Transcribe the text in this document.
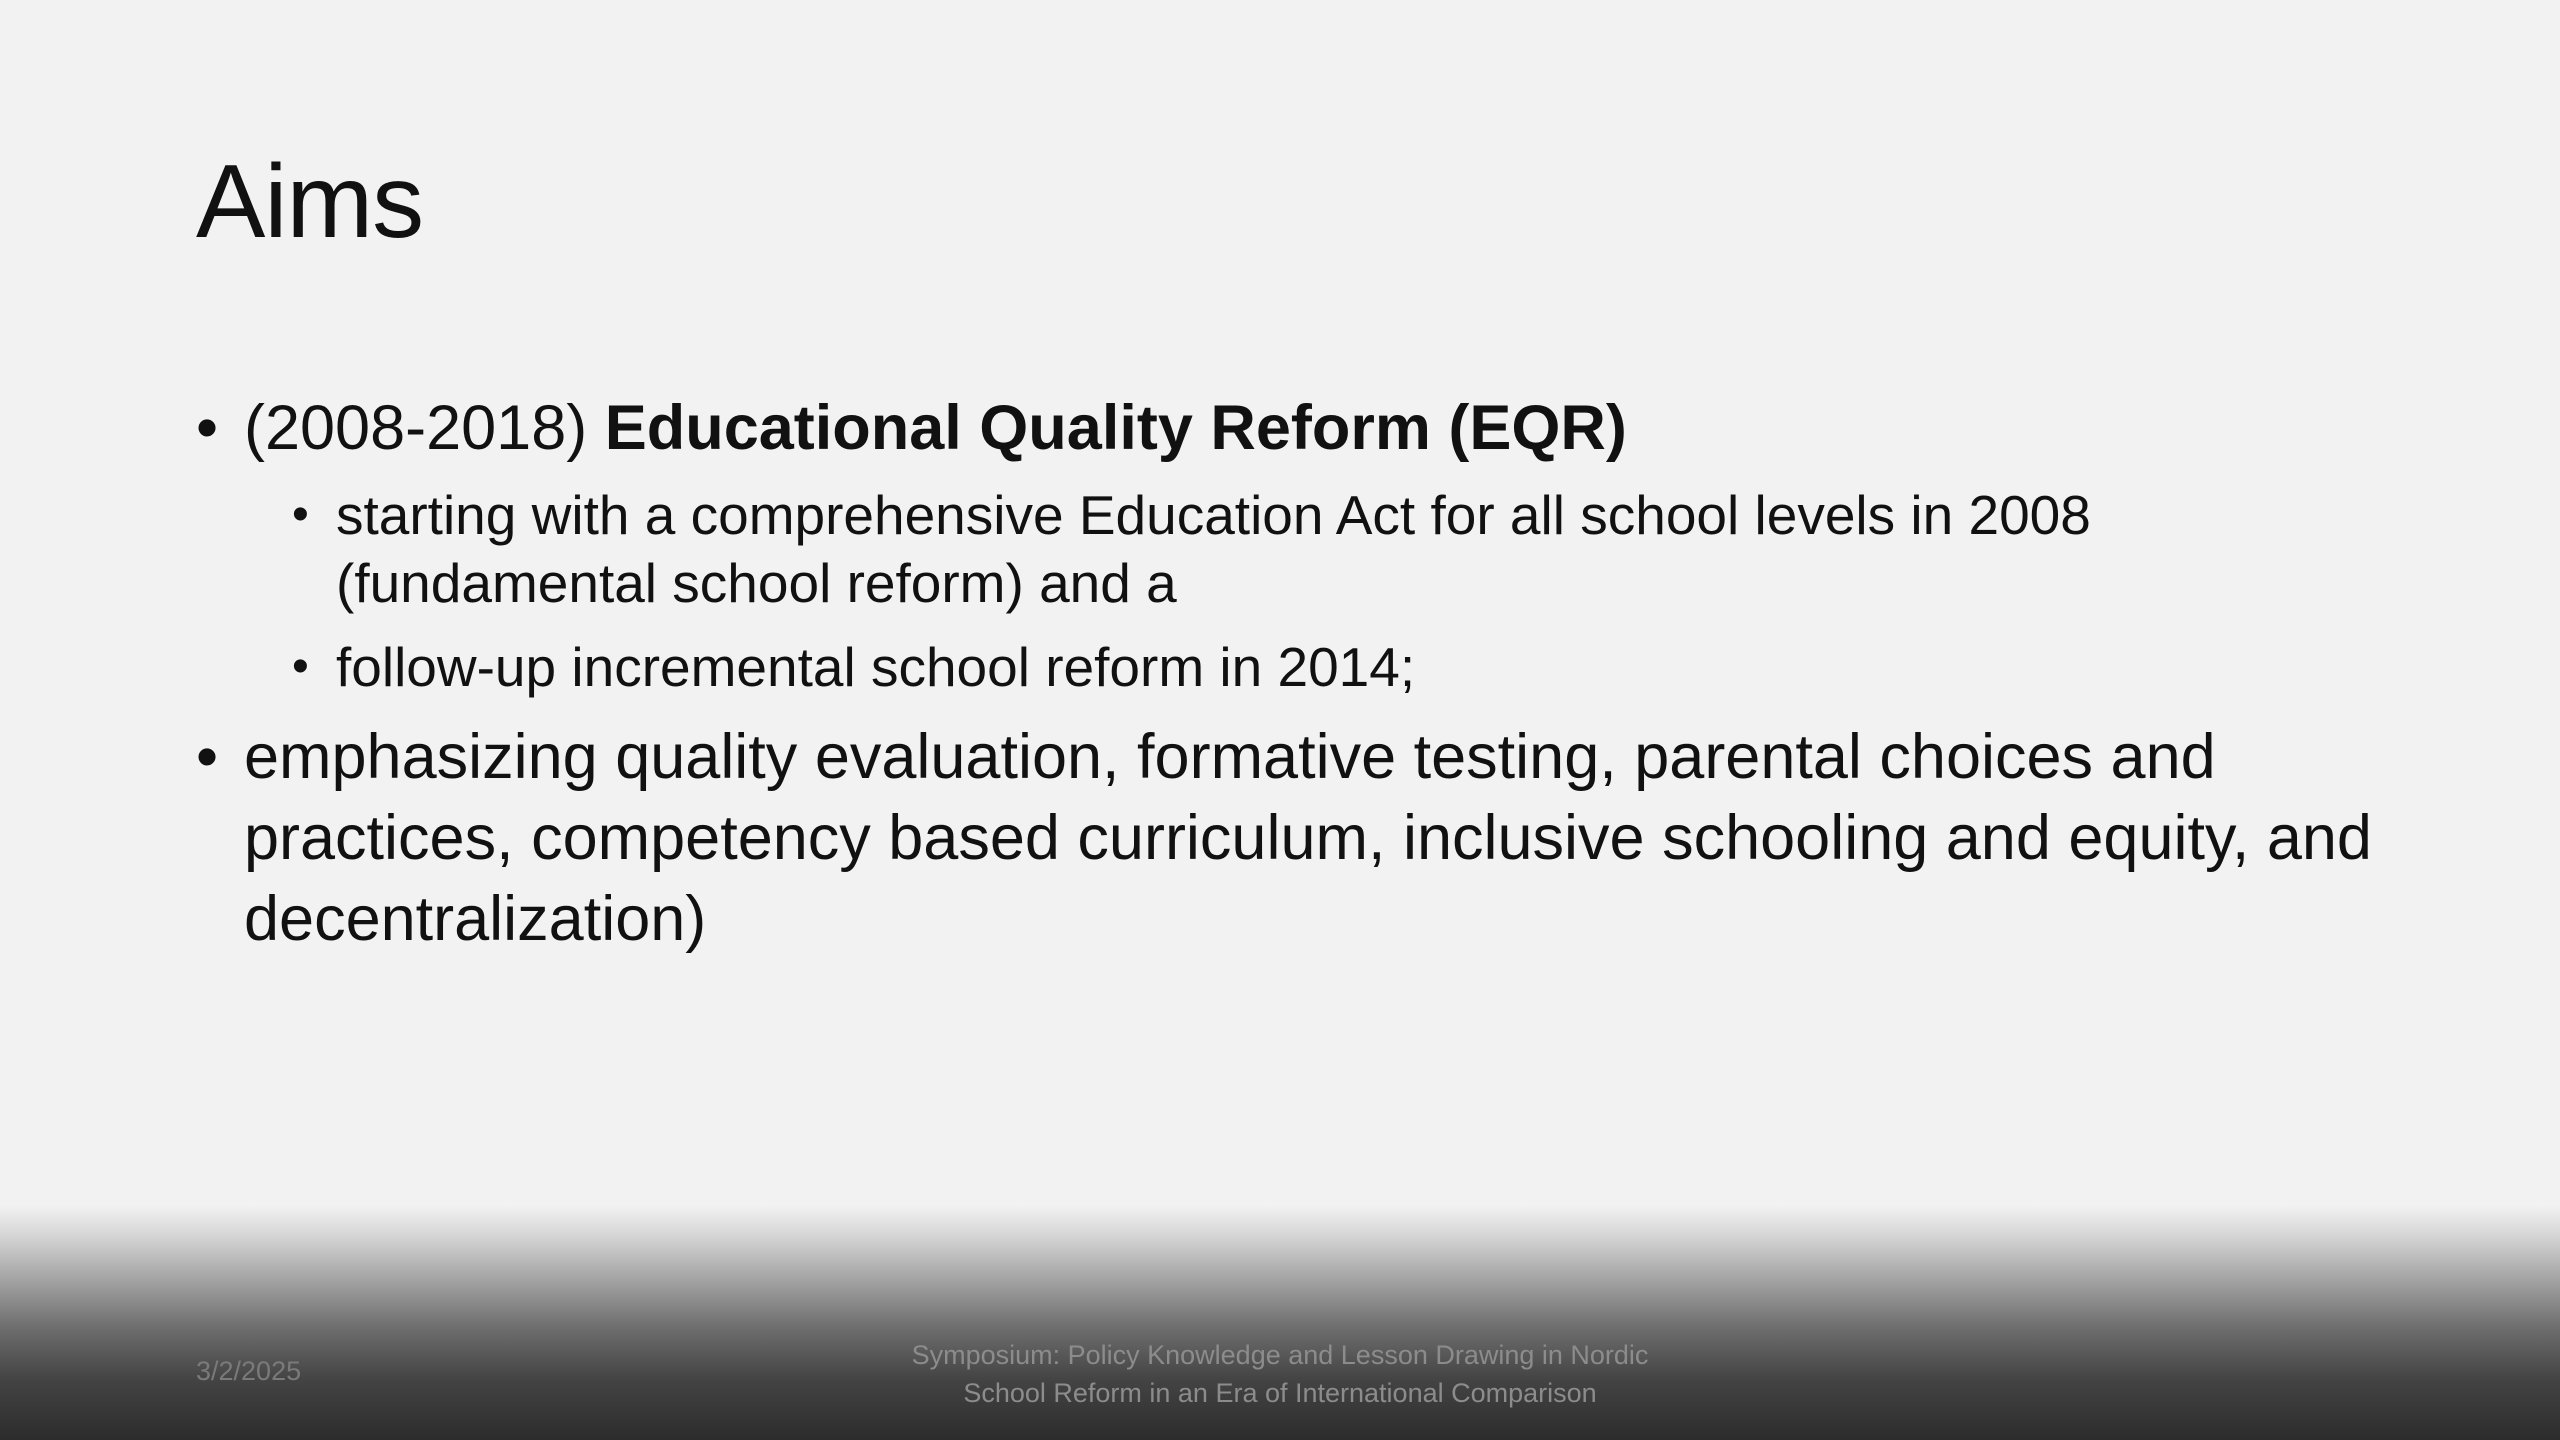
Aims
• (2008-2018) Educational Quality Reform (EQR)
• starting with a comprehensive Education Act for all school levels in 2008 (fundamental school reform) and a
• follow-up incremental school reform in 2014;
• emphasizing quality evaluation, formative testing, parental choices and practices, competency based curriculum, inclusive schooling and equity, and decentralization)
3/2/2025
Symposium: Policy Knowledge and Lesson Drawing in Nordic
School Reform in an Era of International Comparison
